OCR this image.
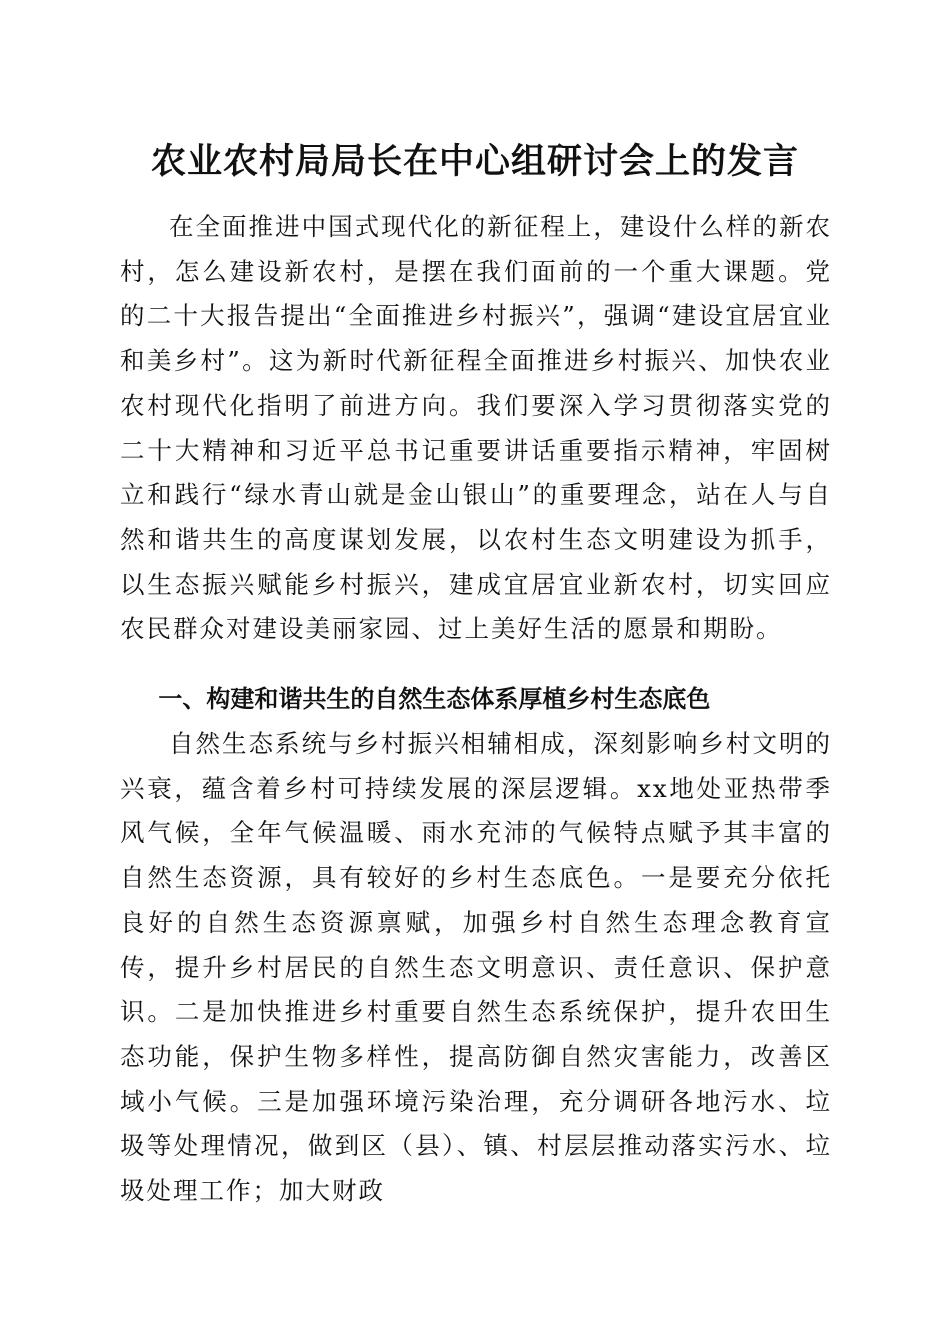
农业农村局局长在中心组研讨会上的发言

在全面推进中国式现代化的新征程上，建设什么样的新农村，怎么建设新农村，是摆在我们面前的一个重大课题。党的二十大报告提出“全面推进乡村振兴”，强调“建设宜居宜业和美乡村”。这为新时代新征程全面推进乡村振兴、加快农业农村现代化指明了前进方向。我们要深入学习贯彻落实党的二十大精神和习近平总书记重要讲话重要指示精神，牢固树立和践行“绿水青山就是金山银山”的重要理念，站在人与自然和谐共生的高度谋划发展，以农村生态文明建设为抓手，以生态振兴赋能乡村振兴，建成宜居宜业新农村，切实回应农民群众对建设美丽家园、过上美好生活的愿景和期盼。

一、构建和谐共生的自然生态体系厚植乡村生态底色

自然生态系统与乡村振兴相辅相成，深刻影响乡村文明的兴衰，蕴含着乡村可持续发展的深层逻辑。xx地处亚热带季风气候，全年气候温暖、雨水充沛的气候特点赋予其丰富的自然生态资源，具有较好的乡村生态底色。一是要充分依托良好的自然生态资源禀赋，加强乡村自然生态理念教育宣传，提升乡村居民的自然生态文明意识、责任意识、保护意识。二是加快推进乡村重要自然生态系统保护，提升农田生态功能，保护生物多样性，提高防御自然灾害能力，改善区域小气候。三是加强环境污染治理，充分调研各地污水、垃圾等处理情况，做到区（县）、镇、村层层推动落实污水、垃圾处理工作；加大财政
